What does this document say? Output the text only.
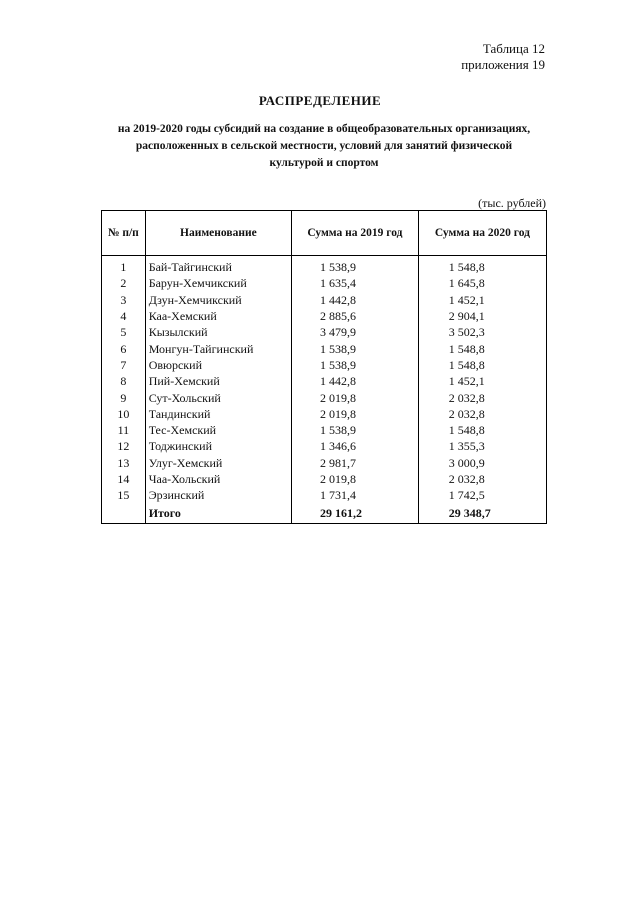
Таблица 12
приложения 19
РАСПРЕДЕЛЕНИЕ
на 2019-2020 годы субсидий на создание в общеобразовательных организациях,
расположенных в сельской местности, условий для занятий физической
культурой и спортом
(тыс. рублей)
№ п/п	Наименование	Сумма на 2019 год	Сумма на 2020 год
1	Бай-Тайгинский	1 538,9	1 548,8
2	Барун-Хемчикский	1 635,4	1 645,8
3	Дзун-Хемчикский	1 442,8	1 452,1
4	Каа-Хемский	2 885,6	2 904,1
5	Кызылский	3 479,9	3 502,3
6	Монгун-Тайгинский	1 538,9	1 548,8
7	Овюрский	1 538,9	1 548,8
8	Пий-Хемский	1 442,8	1 452,1
9	Сут-Хольский	2 019,8	2 032,8
10	Тандинский	2 019,8	2 032,8
11	Тес-Хемский	1 538,9	1 548,8
12	Тоджинский	1 346,6	1 355,3
13	Улуг-Хемский	2 981,7	3 000,9
14	Чаа-Хольский	2 019,8	2 032,8
15	Эрзинский	1 731,4	1 742,5
	Итого	29 161,2	29 348,7
